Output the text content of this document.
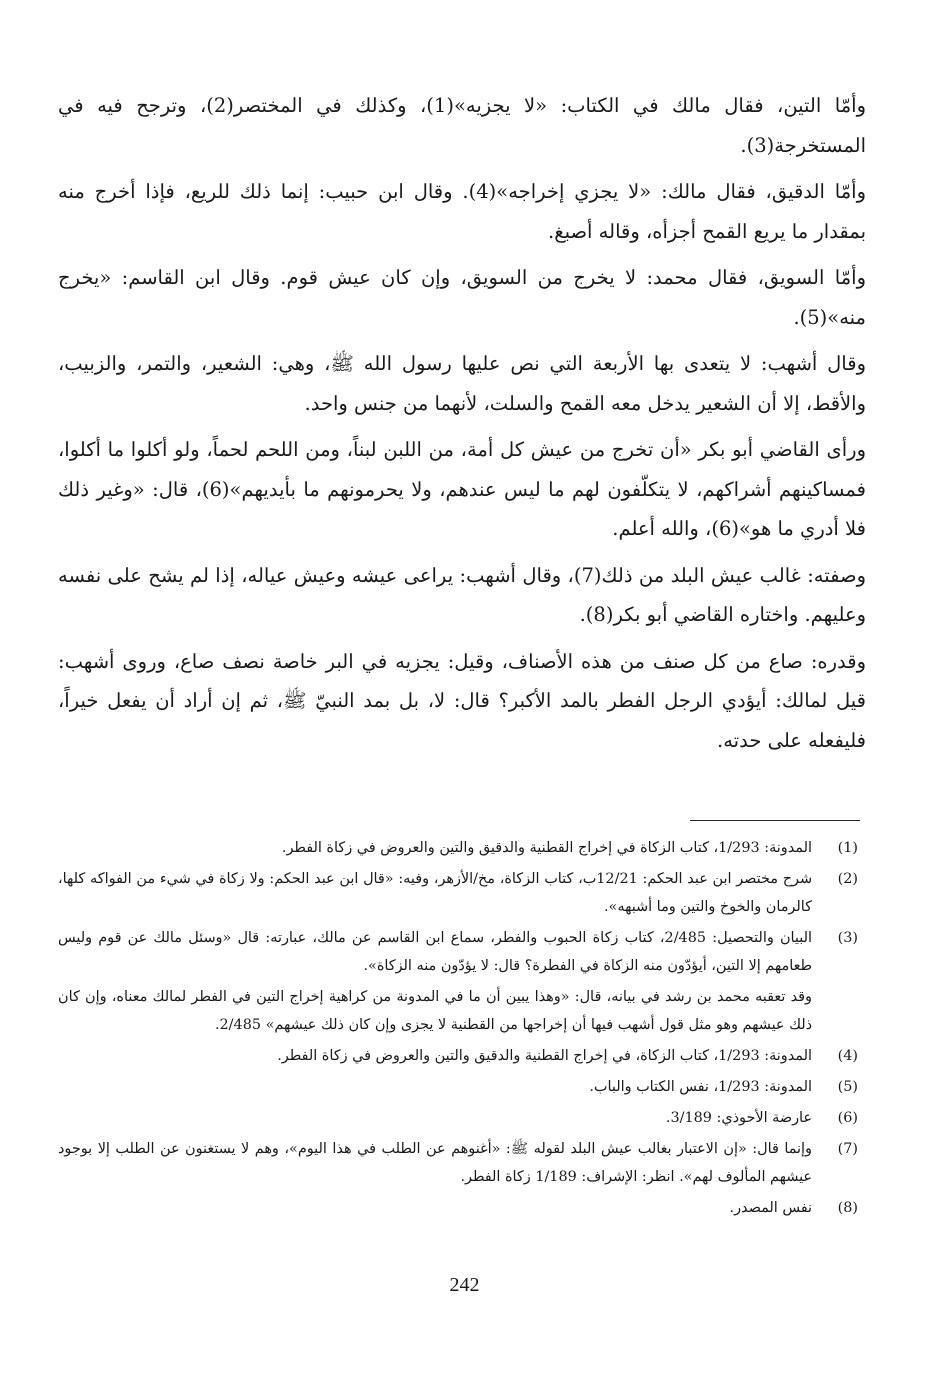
وأمّا التين، فقال مالك في الكتاب: «لا يجزيه»(1)، وكذلك في المختصر(2)، وترجح فيه في المستخرجة(3).

وأمّا الدقيق، فقال مالك: «لا يجزي إخراجه»(4). وقال ابن حبيب: إنما ذلك للريع، فإذا أخرج منه بمقدار ما يريع القمح أجزأه، وقاله أصبغ.

وأمّا السويق، فقال محمد: لا يخرج من السويق، وإن كان عيش قوم. وقال ابن القاسم: «يخرج منه»(5).

وقال أشهب: لا يتعدى بها الأربعة التي نص عليها رسول الله ﷺ، وهي: الشعير، والتمر، والزبيب، والأقط، إلا أن الشعير يدخل معه القمح والسلت، لأنهما من جنس واحد.

ورأى القاضي أبو بكر «أن تخرج من عيش كل أمة، من اللبن لبناً، ومن اللحم لحماً، ولو أكلوا ما أكلوا، فمساكينهم أشراكهم، لا يتكلّفون لهم ما ليس عندهم، ولا يحرمونهم ما بأيديهم»(6)، قال: «وغير ذلك فلا أدري ما هو»(6)، والله أعلم.

وصفته: غالب عيش البلد من ذلك(7)، وقال أشهب: يراعى عيشه وعيش عياله، إذا لم يشح على نفسه وعليهم. واختاره القاضي أبو بكر(8).

وقدره: صاع من كل صنف من هذه الأصناف، وقيل: يجزيه في البر خاصة نصف صاع، وروى أشهب: قيل لمالك: أيؤدي الرجل الفطر بالمد الأكبر؟ قال: لا، بل بمد النبيّ ﷺ، ثم إن أراد أن يفعل خيراً، فليفعله على حدته.

(1)
المدونة: 1/293، كتاب الزكاة في إخراج القطنية والدقيق والتين والعروض في زكاة الفطر.
(2)
شرح مختصر ابن عبد الحكم: 12/21ب، كتاب الزكاة، مخ/الأزهر، وفيه: «قال ابن عبد الحكم: ولا زكاة في شيء من الفواكه كلها، كالرمان والخوخ والتين وما أشبهه».
(3)
البيان والتحصيل: 2/485، كتاب زكاة الحبوب والفطر، سماع ابن القاسم عن مالك، عبارته: قال «وسئل مالك عن قوم وليس طعامهم إلا التين، أيؤدّون منه الزكاة في الفطرة؟ قال: لا يؤدّون منه الزكاة».
وقد تعقبه محمد بن رشد في بيانه، قال: «وهذا يبين أن ما في المدونة من كراهية إخراج التين في الفطر لمالك معناه، وإن كان ذلك عيشهم وهو مثل قول أشهب فيها أن إخراجها من القطنية لا يجزى وإن كان ذلك عيشهم» 2/485.
(4)
المدونة: 1/293، كتاب الزكاة، في إخراج القطنية والدقيق والتين والعروض في زكاة الفطر.
(5)
المدونة: 1/293، نفس الكتاب والباب.
(6)
عارضة الأحوذي: 3/189.
(7)
وإنما قال: «إن الاعتبار بغالب عيش البلد لقوله ﷺ: «أغنوهم عن الطلب في هذا اليوم»، وهم لا يستغنون عن الطلب إلا بوجود عيشهم المألوف لهم». انظر: الإشراف: 1/189 زكاة الفطر.
(8)
نفس المصدر.
242
